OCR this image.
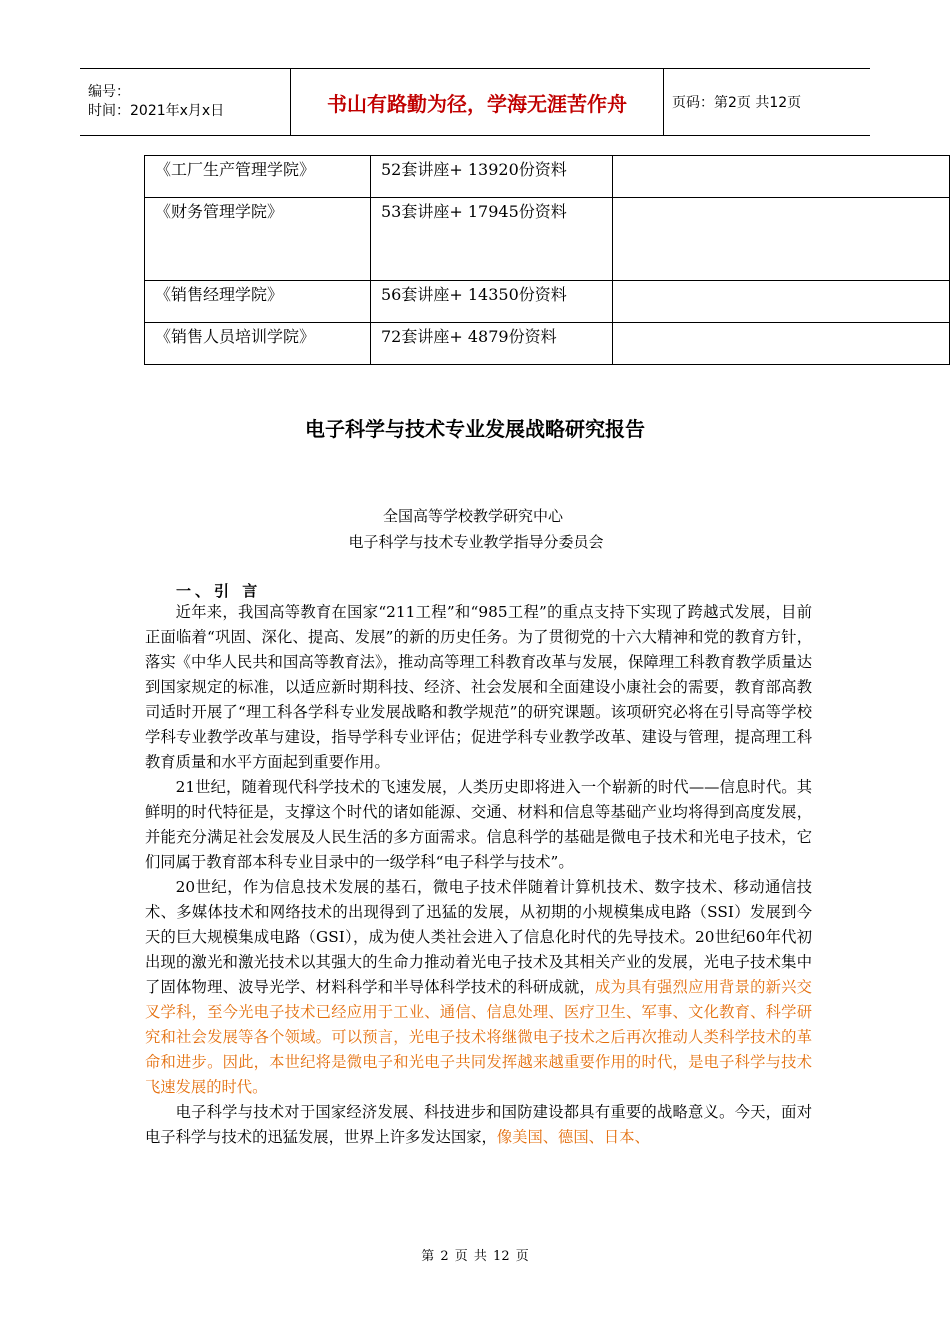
编号：
时间：2021年x月x日	书山有路勤为径，学海无涯苦作舟	页码：第2页 共12页
《工厂生产管理学院》	52套讲座+ 13920份资料	
《财务管理学院》	53套讲座+ 17945份资料	

《销售经理学院》	56套讲座+ 14350份资料	
《销售人员培训学院》	72套讲座+ 4879份资料	
电子科学与技术专业发展战略研究报告
全国高等学校教学研究中心
电子科学与技术专业教学指导分委员会
一、引 言

近年来，我国高等教育在国家“211工程”和“985工程”的重点支持下实现了跨越式发展，目前正面临着“巩固、深化、提高、发展”的新的历史任务。为了贯彻党的十六大精神和党的教育方针，落实《中华人民共和国高等教育法》，推动高等理工科教育改革与发展，保障理工科教育教学质量达到国家规定的标准，以适应新时期科技、经济、社会发展和全面建设小康社会的需要，教育部高教司适时开展了“理工科各学科专业发展战略和教学规范”的研究课题。该项研究必将在引导高等学校学科专业教学改革与建设，指导学科专业评估；促进学科专业教学改革、建设与管理，提高理工科教育质量和水平方面起到重要作用。

21世纪，随着现代科学技术的飞速发展，人类历史即将进入一个崭新的时代——信息时代。其鲜明的时代特征是，支撑这个时代的诸如能源、交通、材料和信息等基础产业均将得到高度发展，并能充分满足社会发展及人民生活的多方面需求。信息科学的基础是微电子技术和光电子技术，它们同属于教育部本科专业目录中的一级学科“电子科学与技术”。

20世纪，作为信息技术发展的基石，微电子技术伴随着计算机技术、数字技术、移动通信技术、多媒体技术和网络技术的出现得到了迅猛的发展，从初期的小规模集成电路（SSI）发展到今天的巨大规模集成电路（GSI），成为使人类社会进入了信息化时代的先导技术。20世纪60年代初出现的激光和激光技术以其强大的生命力推动着光电子技术及其相关产业的发展，光电子技术集中了固体物理、波导光学、材料科学和半导体科学技术的科研成就，成为具有强烈应用背景的新兴交叉学科，至今光电子技术已经应用于工业、通信、信息处理、医疗卫生、军事、文化教育、科学研究和社会发展等各个领域。可以预言，光电子技术将继微电子技术之后再次推动人类科学技术的革命和进步。因此，本世纪将是微电子和光电子共同发挥越来越重要作用的时代，是电子科学与技术飞速发展的时代。

电子科学与技术对于国家经济发展、科技进步和国防建设都具有重要的战略意义。今天，面对电子科学与技术的迅猛发展，世界上许多发达国家，像美国、德国、日本、

第 2 页 共 12 页
